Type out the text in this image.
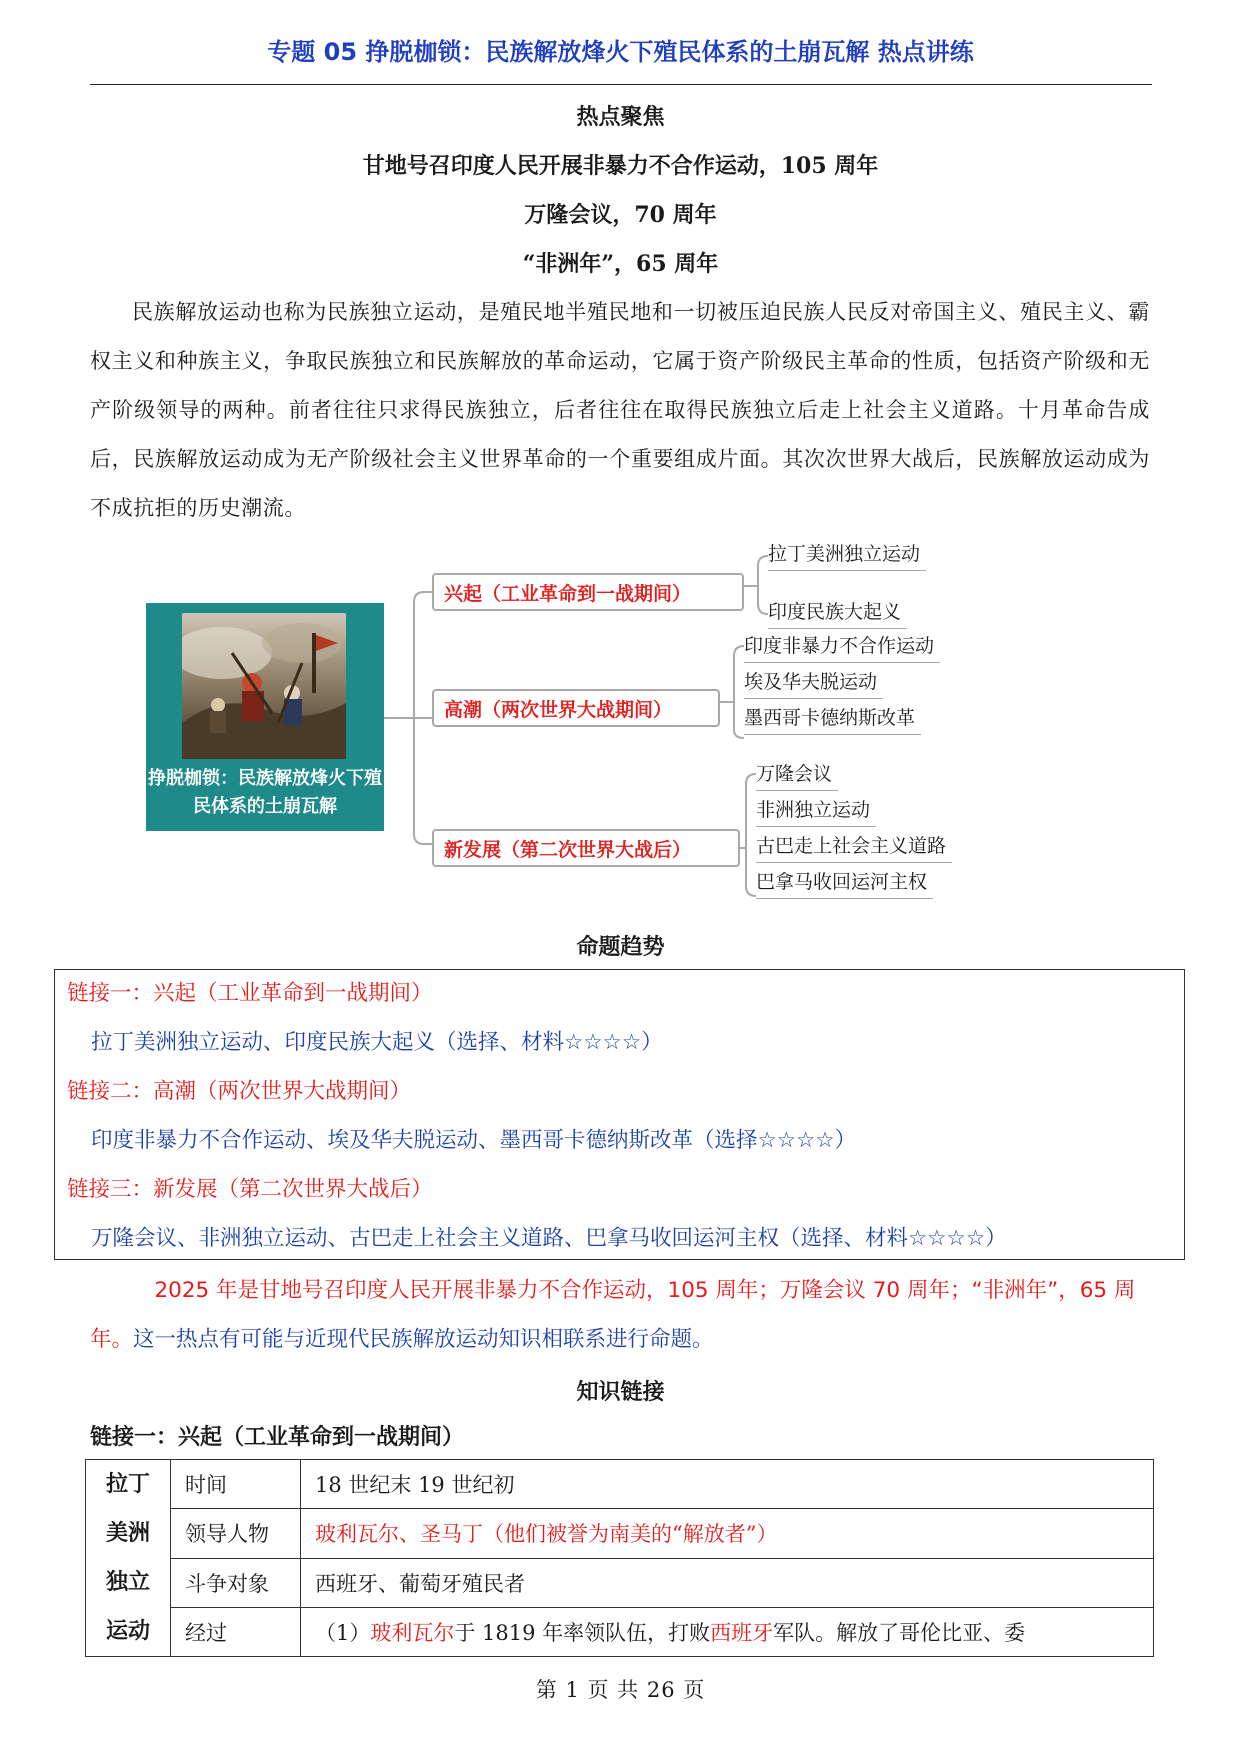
专题 05 挣脱枷锁：民族解放烽火下殖民体系的土崩瓦解 热点讲练
热点聚焦
甘地号召印度人民开展非暴力不合作运动，105 周年
万隆会议，70 周年
“非洲年”，65 周年
民族解放运动也称为民族独立运动，是殖民地半殖民地和一切被压迫民族人民反对帝国主义、殖民主义、霸权主义和种族主义，争取民族独立和民族解放的革命运动，它属于资产阶级民主革命的性质，包括资产阶级和无产阶级领导的两种。前者往往只求得民族独立，后者往往在取得民族独立后走上社会主义道路。十月革命告成后，民族解放运动成为无产阶级社会主义世界革命的一个重要组成片面。其次次世界大战后，民族解放运动成为不成抗拒的历史潮流。
挣脱枷锁：民族解放烽火下殖民体系的土崩瓦解
兴起（工业革命到一战期间）
拉丁美洲独立运动
印度民族大起义
高潮（两次世界大战期间）
印度非暴力不合作运动
埃及华夫脱运动
墨西哥卡德纳斯改革
新发展（第二次世界大战后）
万隆会议
非洲独立运动
古巴走上社会主义道路
巴拿马收回运河主权
命题趋势
链接一：兴起（工业革命到一战期间）
拉丁美洲独立运动、印度民族大起义（选择、材料☆☆☆☆）
链接二：高潮（两次世界大战期间）
印度非暴力不合作运动、埃及华夫脱运动、墨西哥卡德纳斯改革（选择☆☆☆☆）
链接三：新发展（第二次世界大战后）
万隆会议、非洲独立运动、古巴走上社会主义道路、巴拿马收回运河主权（选择、材料☆☆☆☆）
2025 年是甘地号召印度人民开展非暴力不合作运动，105 周年；万隆会议 70 周年；“非洲年”，65 周年。这一热点有可能与近现代民族解放运动知识相联系进行命题。
知识链接
链接一：兴起（工业革命到一战期间）
拉丁
美洲
独立
运动	时间	18 世纪末 19 世纪初
	领导人物	玻利瓦尔、圣马丁（他们被誉为南美的“解放者”）
	斗争对象	西班牙、葡萄牙殖民者
	经过	（1）玻利瓦尔于 1819 年率领队伍，打败西班牙军队。解放了哥伦比亚、委
第 1 页 共 26 页
